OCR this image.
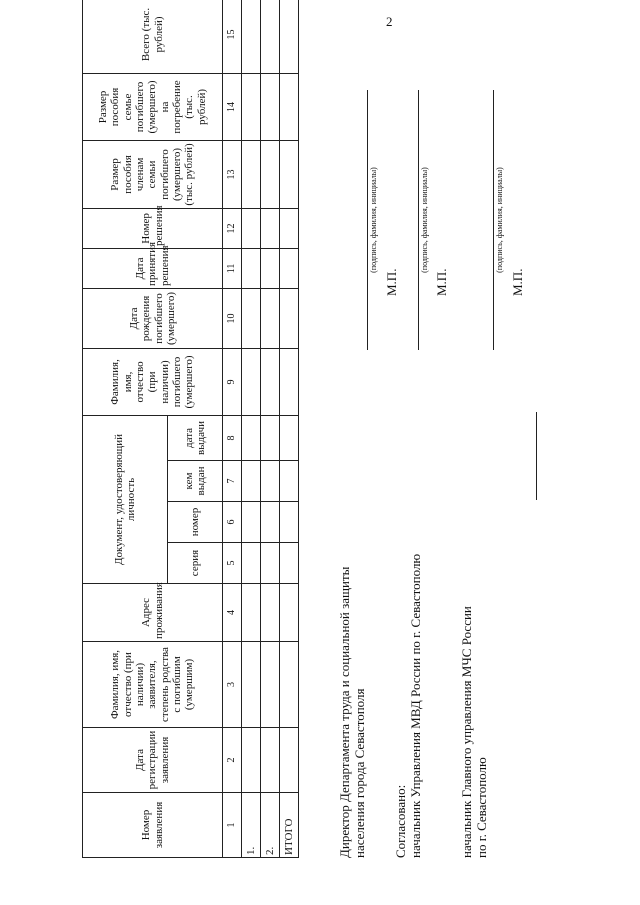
2
Номер заявления	Дата регистрации заявления	Фамилия, имя, отчество (при наличии) заявителя, степень родства с погибшим (умершим)	Адрес проживания	Документ, удостоверяющий личность				Фамилия, имя, отчество (при наличии) погибшего (умершего)	Дата рождения погибшего (умершего)	Дата принятия решения	Номер решения	Размер пособия членам семьи погибшего (умершего) (тыс. рублей)	Размер пособия семье погибшего (умершего) на погребение (тыс. рублей)	Всего (тыс. рублей)
				серия	номер	кем выдан	дата выдачи							
1	2	3	4	5	6	7	8	9	10	11	12	13	14	15
1.														
2.														
ИТОГО															Директор Департамента труда и социальной защиты населения города Севастополя
(подпись, фамилия, инициалы)
М.П.
Согласовано: начальник Управления МВД России по г. Севастополю
(подпись, фамилия, инициалы)
М.П.
начальник Главного управления МЧС России по г. Севастополю
(подпись, фамилия, инициалы)
М.П.
